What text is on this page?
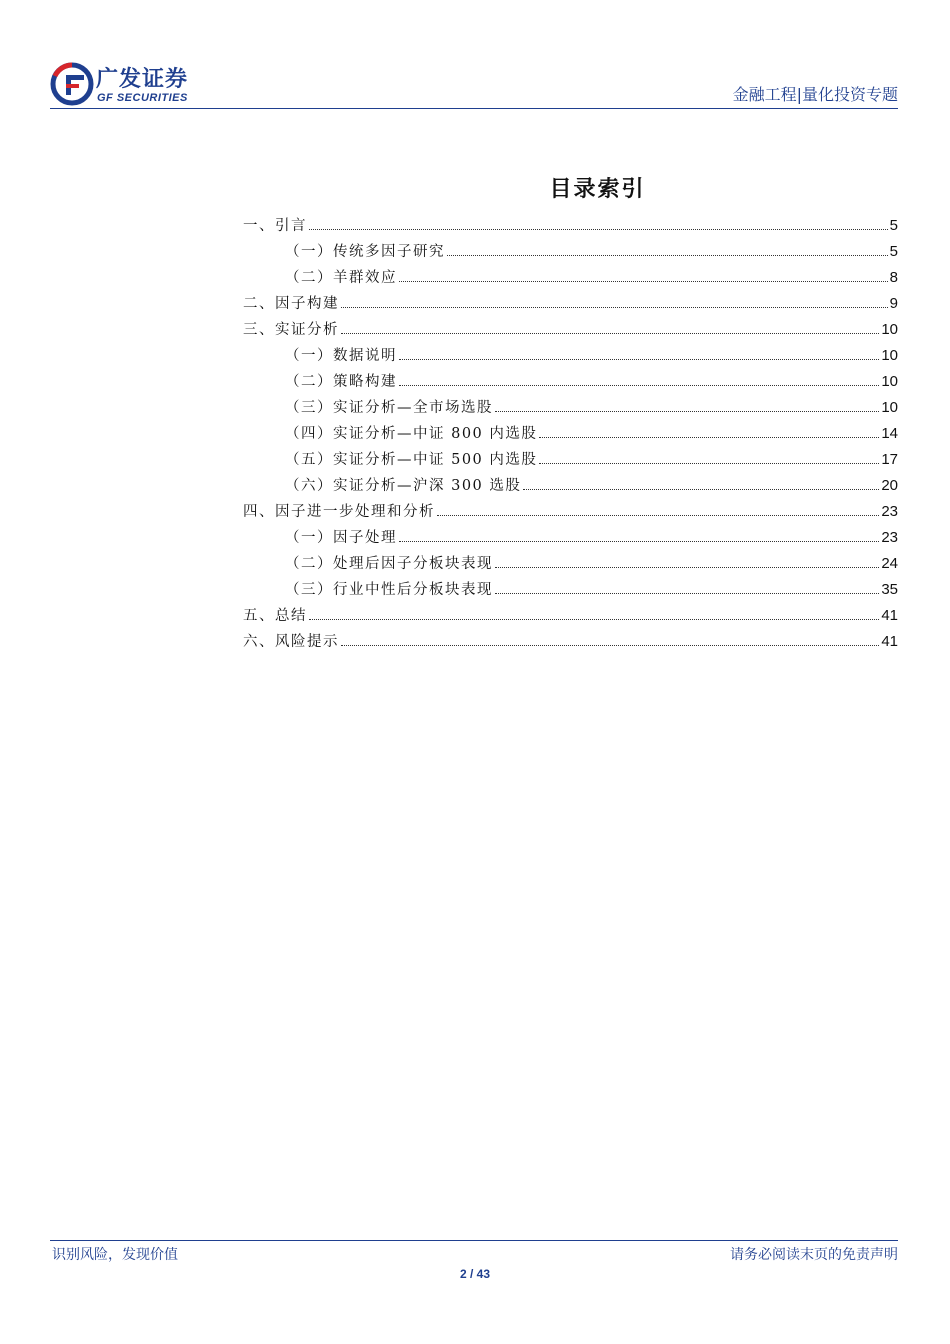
广发证券
GF SECURITIES	金融工程|量化投资专题
目录索引
一、引言	5
（一）传统多因子研究	5
（二）羊群效应	8
二、因子构建	9
三、实证分析	10
（一）数据说明	10
（二）策略构建	10
（三）实证分析—全市场选股	10
（四）实证分析—中证 800 内选股	14
（五）实证分析—中证 500 内选股	17
（六）实证分析—沪深 300 选股	20
四、因子进一步处理和分析	23
（一）因子处理	23
（二）处理后因子分板块表现	24
（三）行业中性后分板块表现	35
五、总结	41
六、风险提示	41
识别风险，发现价值	请务必阅读末页的免责声明
2 / 43
